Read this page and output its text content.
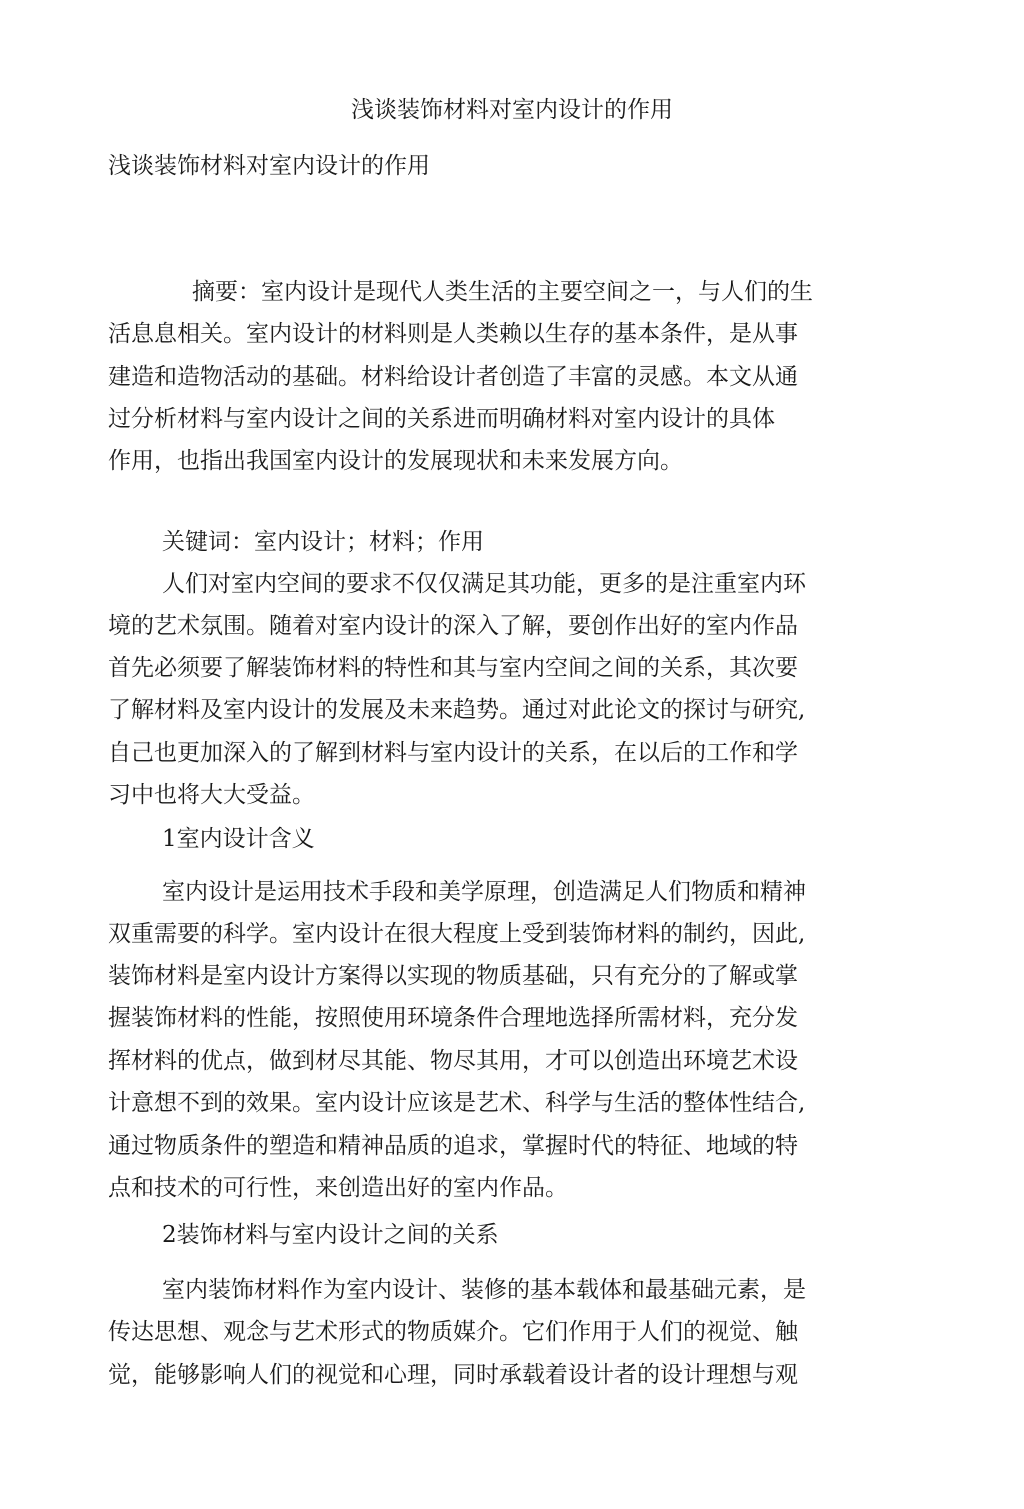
浅谈装饰材料对室内设计的作用
浅谈装饰材料对室内设计的作用
摘要：室内设计是现代人类生活的主要空间之一，与人们的生
活息息相关。室内设计的材料则是人类赖以生存的基本条件，是从事
建造和造物活动的基础。材料给设计者创造了丰富的灵感。本文从通
过分析材料与室内设计之间的关系进而明确材料对室内设计的具体
作用，也指出我国室内设计的发展现状和未来发展方向。
关键词：室内设计；材料；作用
人们对室内空间的要求不仅仅满足其功能，更多的是注重室内环
境的艺术氛围。随着对室内设计的深入了解，要创作出好的室内作品
首先必须要了解装饰材料的特性和其与室内空间之间的关系，其次要
了解材料及室内设计的发展及未来趋势。通过对此论文的探讨与研究,
自己也更加深入的了解到材料与室内设计的关系，在以后的工作和学
习中也将大大受益。
1室内设计含义
室内设计是运用技术手段和美学原理，创造满足人们物质和精神
双重需要的科学。室内设计在很大程度上受到装饰材料的制约，因此,
装饰材料是室内设计方案得以实现的物质基础，只有充分的了解或掌
握装饰材料的性能，按照使用环境条件合理地选择所需材料，充分发
挥材料的优点，做到材尽其能、物尽其用，才可以创造出环境艺术设
计意想不到的效果。室内设计应该是艺术、科学与生活的整体性结合,
通过物质条件的塑造和精神品质的追求，掌握时代的特征、地域的特
点和技术的可行性，来创造出好的室内作品。
2装饰材料与室内设计之间的关系
室内装饰材料作为室内设计、装修的基本载体和最基础元素，是
传达思想、观念与艺术形式的物质媒介。它们作用于人们的视觉、触
觉，能够影响人们的视觉和心理，同时承载着设计者的设计理想与观
